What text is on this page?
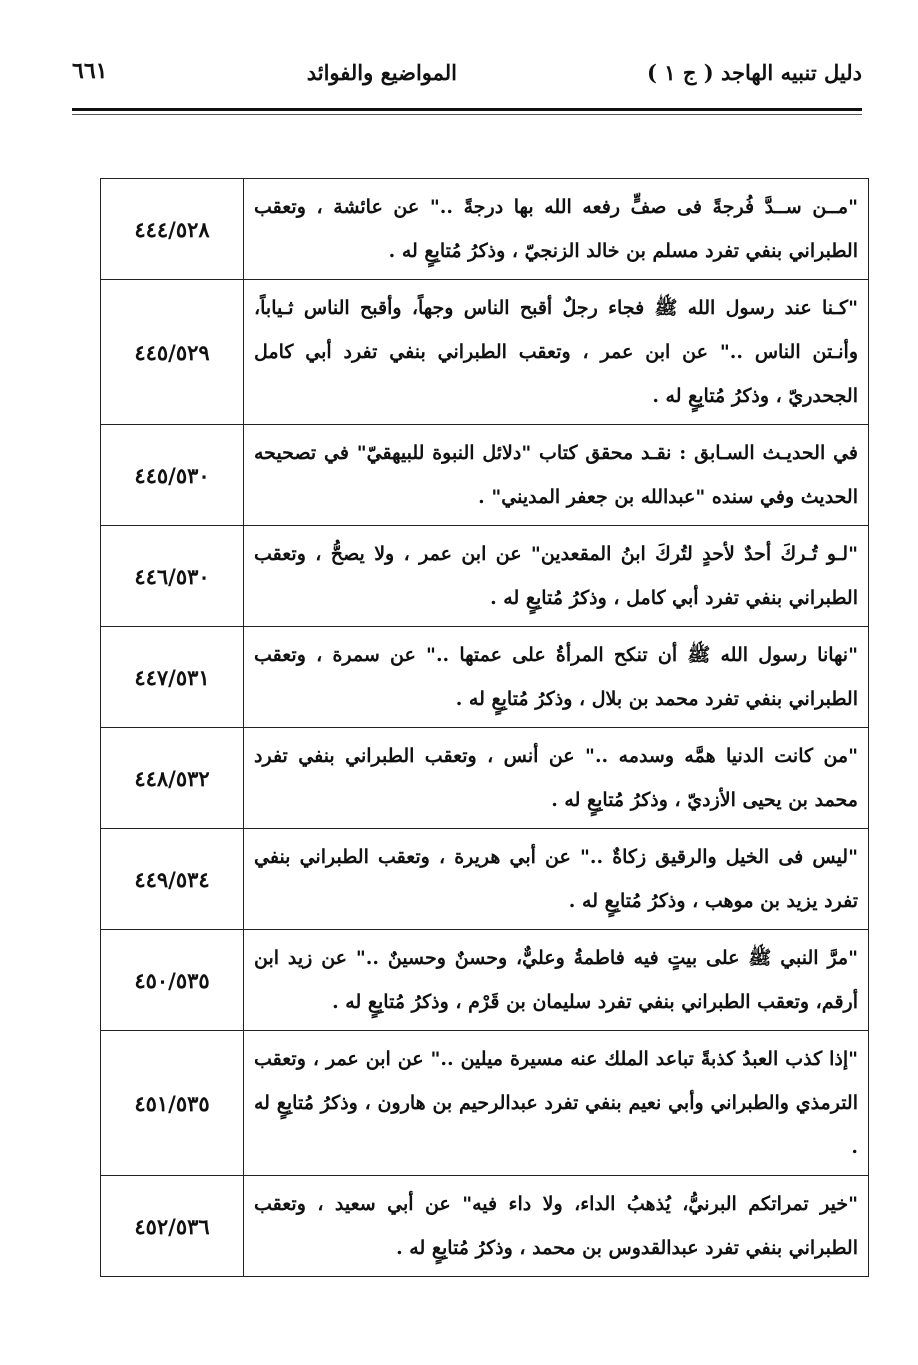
دليل تنبيه الهاجد ( ج ١ )
المواضيع والفوائد
٦٦١
"مــن ســدَّ فُرجةً فى صفٍّ رفعه الله بها درجةً .." عن عائشة ، وتعقب الطبراني بنفي تفرد مسلم بن خالد الزنجيّ ، وذكرُ مُتابِعٍ له .	٤٤٤/٥٢٨
"كـنا عند رسول الله ﷺ فجاء رجلٌ أقبح الناس وجهاً، وأقبح الناس ثـياباً، وأنـتن الناس .." عن ابن عمر ، وتعقب الطبراني بنفي تفرد أبي كامل الجحدريّ ، وذكرُ مُتابِعٍ له .	٤٤٥/٥٢٩
في الحديـث السـابق : نقـد محقق كتاب "دلائل النبوة للبيهقيّ" في تصحيحه الحديث وفي سنده "عبدالله بن جعفر المديني" .	٤٤٥/٥٣٠
"لـو تُـركَ أحدٌ لأحدٍ لتُركَ ابنُ المقعدين" عن ابن عمر ، ولا يصحُّ ، وتعقب الطبراني بنفي تفرد أبي كامل ، وذكرُ مُتابِعٍ له .	٤٤٦/٥٣٠
"نهانا رسول الله ﷺ أن تنكح المرأةُ على عمتها .." عن سمرة ، وتعقب الطبراني بنفي تفرد محمد بن بلال ، وذكرُ مُتابِعٍ له .	٤٤٧/٥٣١
"من كانت الدنيا همَّه وسدمه .." عن أنس ، وتعقب الطبراني بنفي تفرد محمد بن يحيى الأزديّ ، وذكرُ مُتابِعٍ له .	٤٤٨/٥٣٢
"ليس فى الخيل والرقيق زكاةٌ .." عن أبي هريرة ، وتعقب الطبراني بنفي تفرد يزيد بن موهب ، وذكرُ مُتابِعٍ له .	٤٤٩/٥٣٤
"مرَّ النبي ﷺ على بيتٍ فيه فاطمةُ وعليٌّ، وحسنٌ وحسينٌ .." عن زيد ابن أرقم، وتعقب الطبراني بنفي تفرد سليمان بن قَرْم ، وذكرُ مُتابِعٍ له .	٤٥٠/٥٣٥
"إذا كذب العبدُ كذبةً تباعد الملك عنه مسيرة ميلين .." عن ابن عمر ، وتعقب الترمذي والطبراني وأبي نعيم بنفي تفرد عبدالرحيم بن هارون ، وذكرُ مُتابِعٍ له .	٤٥١/٥٣٥
"خير تمراتكم البرنيُّ، يُذهبُ الداء، ولا داء فيه" عن أبي سعيد ، وتعقب الطبراني بنفي تفرد عبدالقدوس بن محمد ، وذكرُ مُتابِعٍ له .	٤٥٢/٥٣٦
